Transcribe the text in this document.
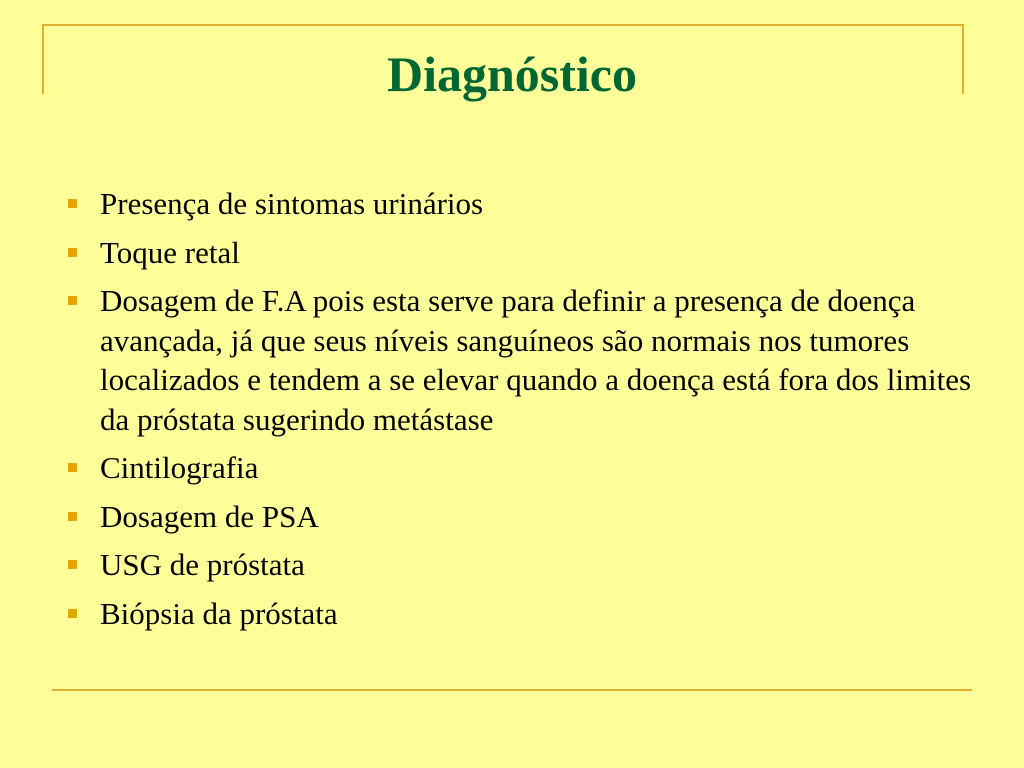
Diagnóstico
Presença de sintomas urinários
Toque retal
Dosagem de F.A pois esta serve para definir a presença de doença avançada, já que seus níveis sanguíneos são normais nos tumores localizados e tendem a se elevar quando a doença está fora dos limites da próstata sugerindo metástase
Cintilografia
Dosagem de PSA
USG de próstata
Biópsia da próstata
